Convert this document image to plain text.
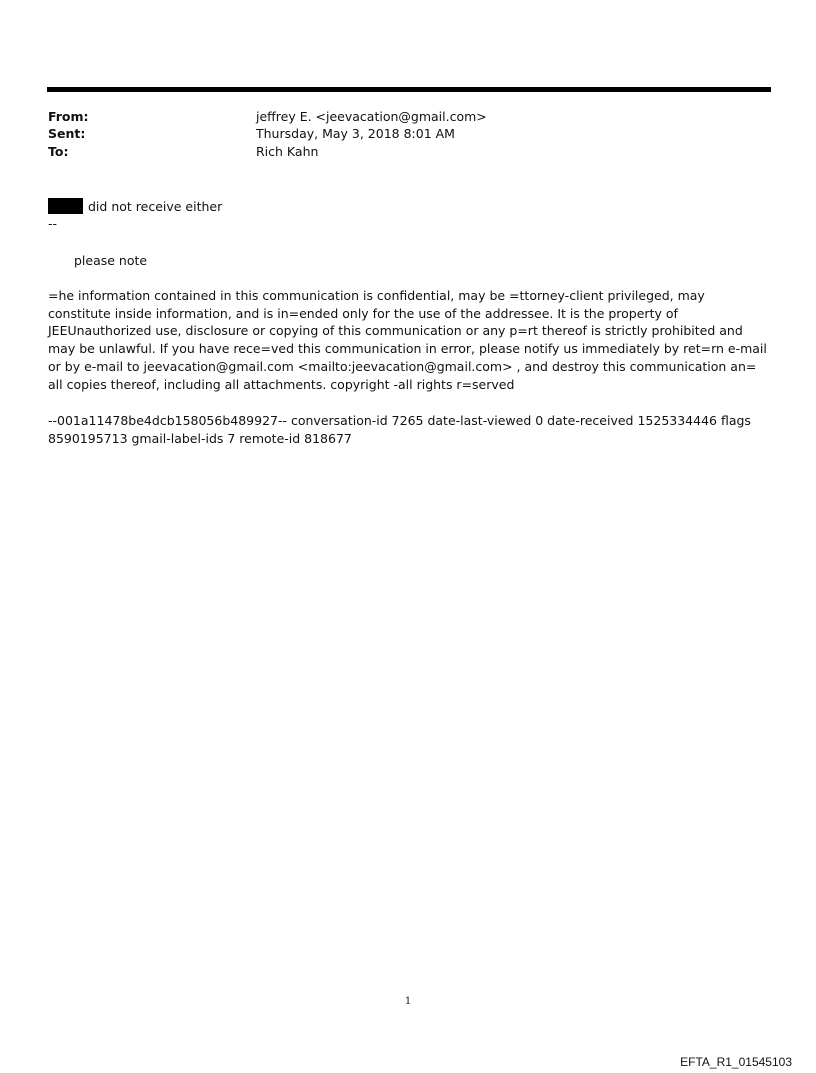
From:	jeffrey E. <jeevacation@gmail.com>
Sent:	Thursday, May 3, 2018 8:01 AM
To:	Rich Kahn
did not receive either
--
please note
=he information contained in this communication is confidential, may be =ttorney-client privileged, may constitute inside information, and is in=ended only for the use of the addressee. It is the property of JEEUnauthorized use, disclosure or copying of this communication or any p=rt thereof is strictly prohibited and may be unlawful. If you have rece=ved this communication in error, please notify us immediately by ret=rn e-mail or by e-mail to jeevacation@gmail.com <mailto:jeevacation@gmail.com> , and destroy this communication an= all copies thereof, including all attachments. copyright -all rights r=served
--001a11478be4dcb158056b489927-- conversation-id 7265 date-last-viewed 0 date-received 1525334446 flags 8590195713 gmail-label-ids 7 remote-id 818677
1
EFTA_R1_01545103
